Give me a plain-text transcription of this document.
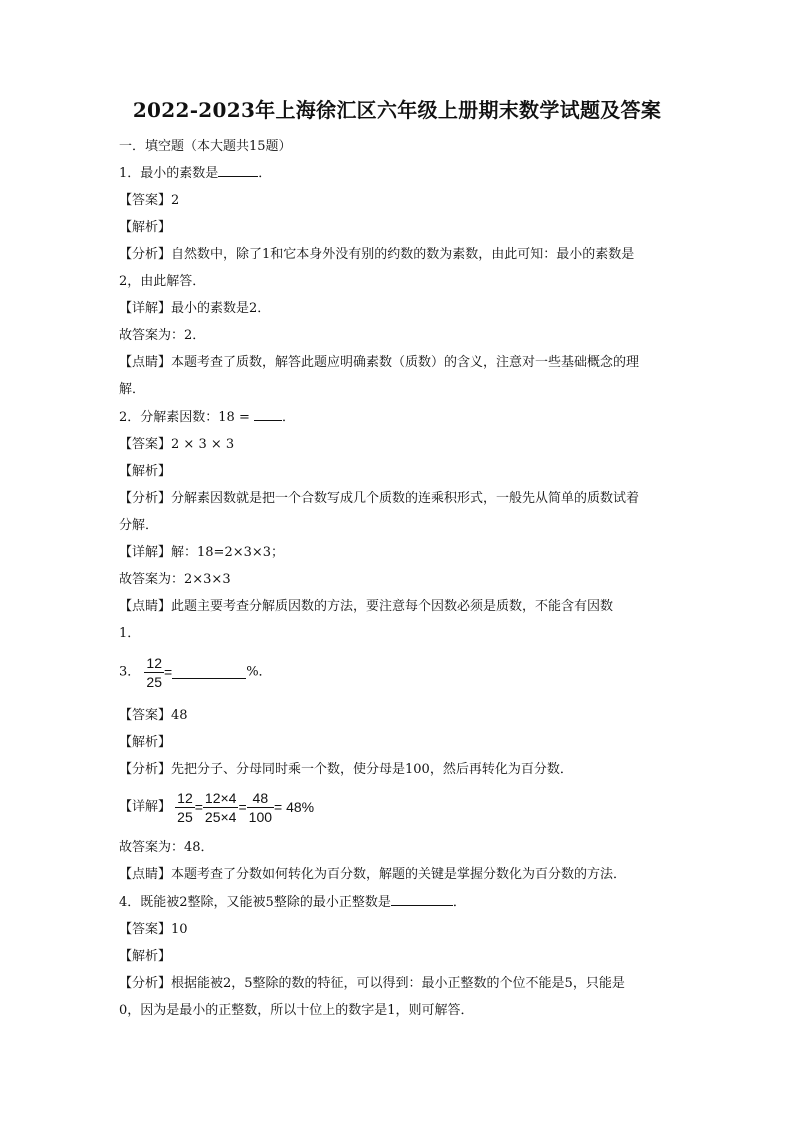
2022-2023年上海徐汇区六年级上册期末数学试题及答案
一．填空题（本大题共15题）
1．最小的素数是	．
【答案】2
【解析】
【分析】自然数中，除了1和它本身外没有别的约数的数为素数，由此可知：最小的素数是
2，由此解答．
【详解】最小的素数是2．
故答案为：2．
【点睛】本题考查了质数，解答此题应明确素数（质数）的含义，注意对一些基础概念的理
解．
2．分解素因数：18 = ．
【答案】2 × 3 × 3
【解析】
【分析】分解素因数就是把一个合数写成几个质数的连乘积形式，一般先从简单的质数试着
分解．
【详解】解：18=2×3×3；
故答案为：2×3×3
【点睛】此题主要考查分解质因数的方法，要注意每个因数必须是质数，不能含有因数
1．
3． $\frac{12}{25}$ =	%．
【答案】48
【解析】
【分析】先把分子、分母同时乘一个数，使分母是100，然后再转化为百分数．
【详解】 $\frac{12}{25} = \frac{12\times 4}{25\times 4} = \frac{48}{100} = 48\%$
故答案为：48．
【点睛】本题考查了分数如何转化为百分数，解题的关键是掌握分数化为百分数的方法．
4．既能被2整除，又能被5整除的最小正整数是	．
【答案】10
【解析】
【分析】根据能被2，5整除的数的特征，可以得到：最小正整数的个位不能是5，只能是
0，因为是最小的正整数，所以十位上的数字是1，则可解答．
